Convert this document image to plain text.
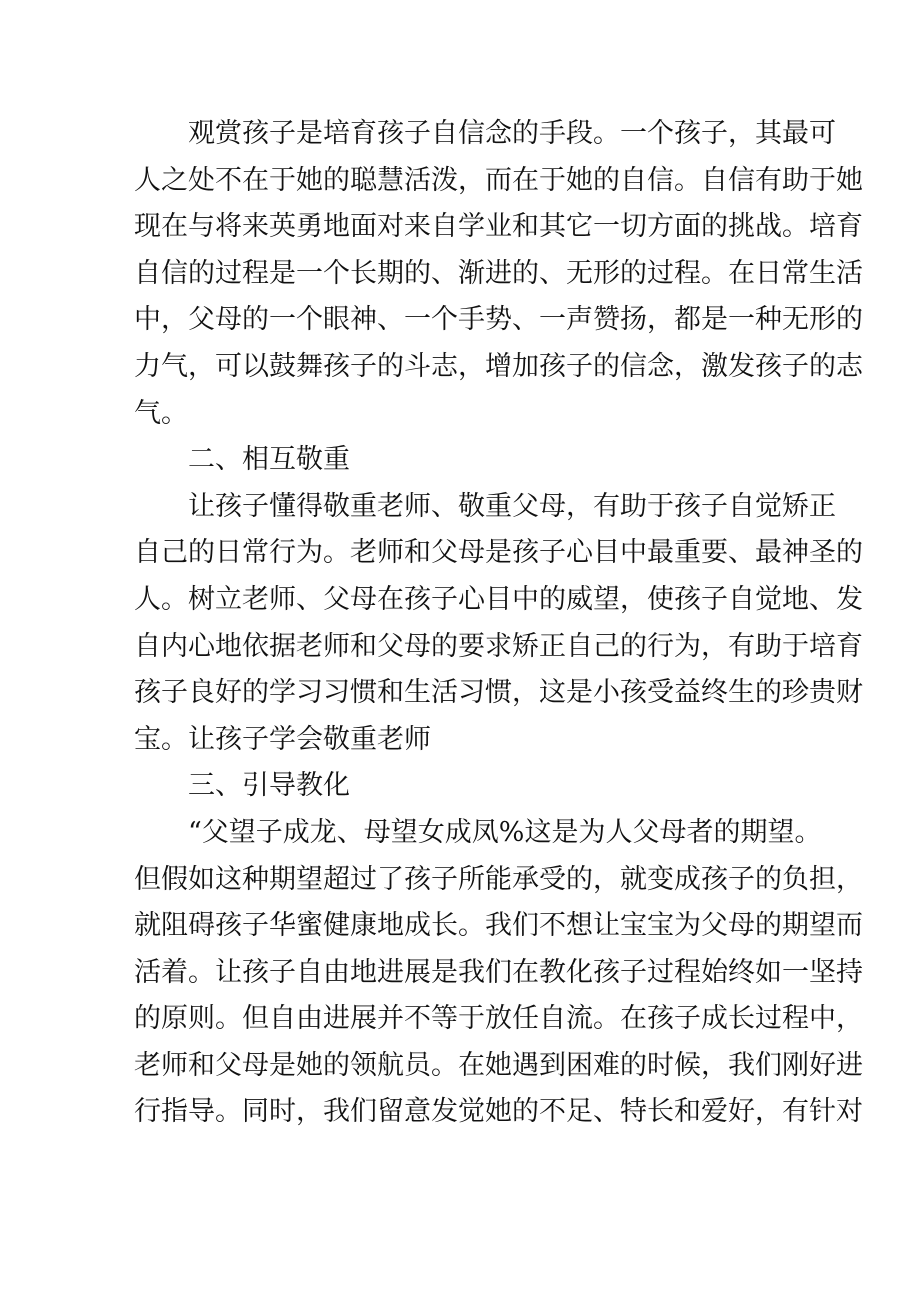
观赏孩子是培育孩子自信念的手段。一个孩子，其最可
人之处不在于她的聪慧活泼，而在于她的自信。自信有助于她
现在与将来英勇地面对来自学业和其它一切方面的挑战。培育
自信的过程是一个长期的、渐进的、无形的过程。在日常生活
中，父母的一个眼神、一个手势、一声赞扬，都是一种无形的
力气，可以鼓舞孩子的斗志，增加孩子的信念，激发孩子的志
气。
二、相互敬重
让孩子懂得敬重老师、敬重父母，有助于孩子自觉矫正
自己的日常行为。老师和父母是孩子心目中最重要、最神圣的
人。树立老师、父母在孩子心目中的威望，使孩子自觉地、发
自内心地依据老师和父母的要求矫正自己的行为，有助于培育
孩子良好的学习习惯和生活习惯，这是小孩受益终生的珍贵财
宝。让孩子学会敬重老师
三、引导教化
“父望子成龙、母望女成凤%这是为人父母者的期望。
但假如这种期望超过了孩子所能承受的，就变成孩子的负担，
就阻碍孩子华蜜健康地成长。我们不想让宝宝为父母的期望而
活着。让孩子自由地进展是我们在教化孩子过程始终如一坚持
的原则。但自由进展并不等于放任自流。在孩子成长过程中，
老师和父母是她的领航员。在她遇到困难的时候，我们刚好进
行指导。同时，我们留意发觉她的不足、特长和爱好，有针对
